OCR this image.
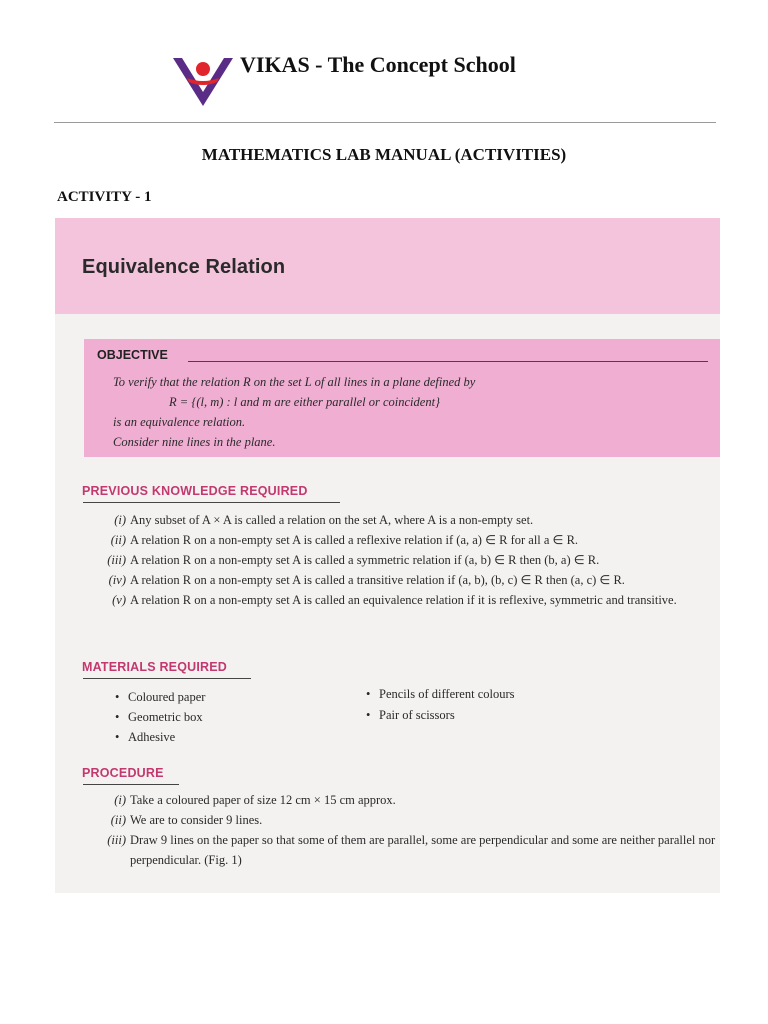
VIKAS - The Concept School
MATHEMATICS LAB MANUAL (ACTIVITIES)
ACTIVITY - 1
Equivalence Relation
OBJECTIVE
To verify that the relation R on the set L of all lines in a plane defined by
R = {(l, m) : l and m are either parallel or coincident}
is an equivalence relation.
Consider nine lines in the plane.
PREVIOUS KNOWLEDGE REQUIRED
(i) Any subset of A × A is called a relation on the set A, where A is a non-empty set.
(ii) A relation R on a non-empty set A is called a reflexive relation if (a, a) ∈ R for all a ∈ R.
(iii) A relation R on a non-empty set A is called a symmetric relation if (a, b) ∈ R then (b, a) ∈ R.
(iv) A relation R on a non-empty set A is called a transitive relation if (a, b), (b, c) ∈ R then (a, c) ∈ R.
(v) A relation R on a non-empty set A is called an equivalence relation if it is reflexive, symmetric and transitive.
MATERIALS REQUIRED
• Coloured paper
• Geometric box
• Adhesive
• Pencils of different colours
• Pair of scissors
PROCEDURE
(i) Take a coloured paper of size 12 cm × 15 cm approx.
(ii) We are to consider 9 lines.
(iii) Draw 9 lines on the paper so that some of them are parallel, some are perpendicular and some are neither parallel nor perpendicular. (Fig. 1)
